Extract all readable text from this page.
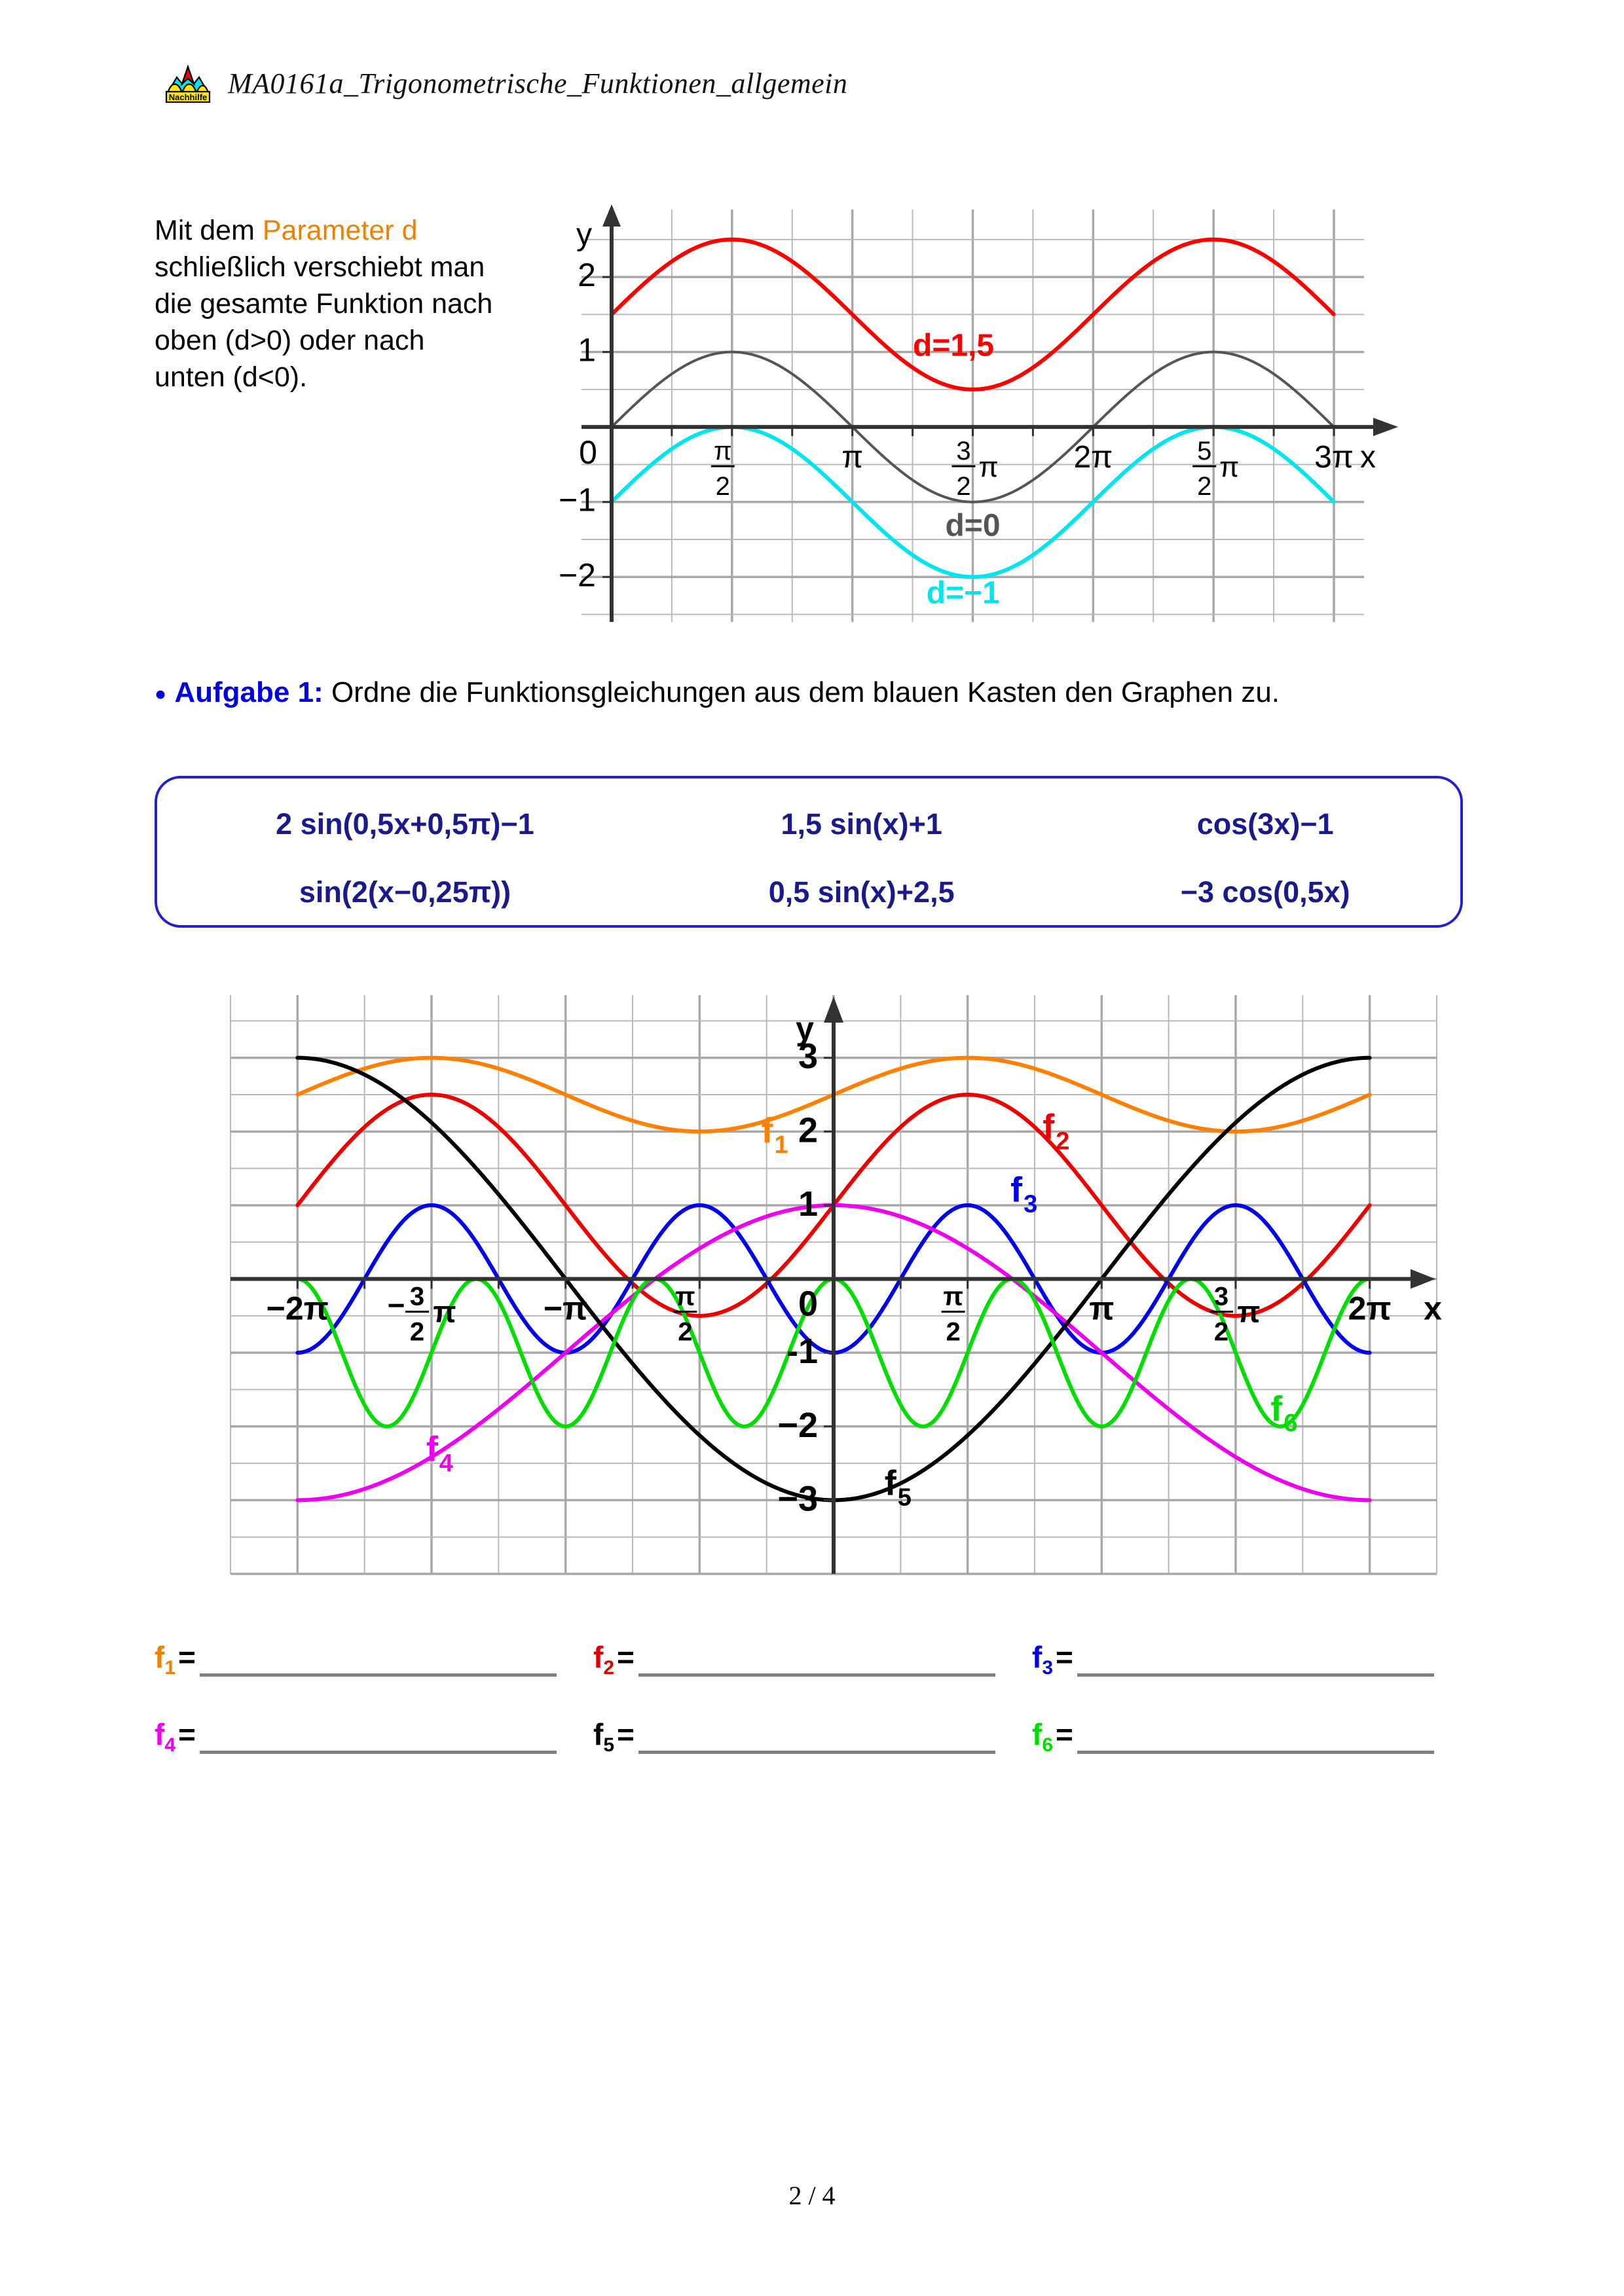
Nachhilfe MA0161a_Trigonometrische_Funktionen_allgemein
Mit dem Parameter d schließlich verschiebt man die gesamte Funktion nach oben (d>0) oder nach unten (d<0).
2
1
−1
−2
0
y
x
π
2
π	3
2
π 2π	5
2
π 3π
d=1,5
d=0
d=−1
● Aufgabe 1: Ordne die Funktionsgleichungen aus dem blauen Kasten den Graphen zu.
2 sin(0,5x+0,5π)−1	1,5 sin(x)+1	cos(3x)−1
sin(2(x−0,25π))	0,5 sin(x)+2,5	−3 cos(0,5x)
3
2
1
-1
−2
−3
0
y
x
−2π − 3
2
π	−π	π
2
π
2
π	3
2
π	2π
$f_1$	$f_2$
$f_3$
$f_4$	$f_5$
$f_6$
$f_1$ =	$f_2$ =	$f_3$ =
$f_4$ =	$f_5$ =	$f_6$ =
2 / 4
